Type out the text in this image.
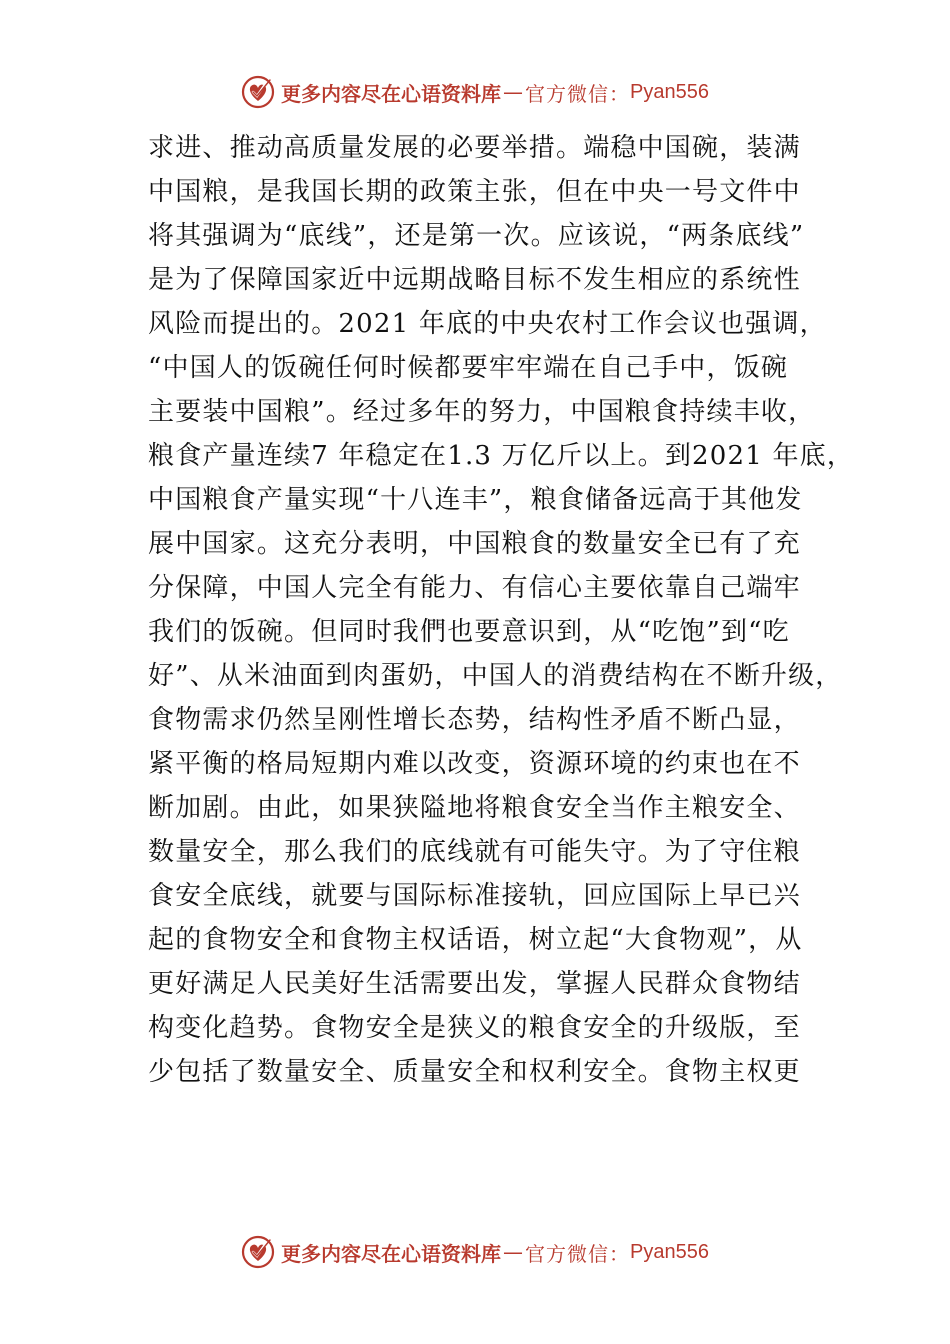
更多内容尽在心语资料库 — 官方微信： Pyan556
求进、推动高质量发展的必要举措。端稳中国碗，装满
中国粮，是我国长期的政策主张，但在中央一号文件中
将其强调为“底线”，还是第一次。应该说，“两条底线”
是为了保障国家近中远期战略目标不发生相应的系统性
风险而提出的。2021 年底的中央农村工作会议也强调，
“中国人的饭碗任何时候都要牢牢端在自己手中，饭碗
主要装中国粮”。经过多年的努力，中国粮食持续丰收，
粮食产量连续7 年稳定在1.3 万亿斤以上。到2021 年底，
中国粮食产量实现“十八连丰”，粮食储备远高于其他发
展中国家。这充分表明，中国粮食的数量安全已有了充
分保障，中国人完全有能力、有信心主要依靠自己端牢
我们的饭碗。但同时我們也要意识到，从“吃饱”到“吃
好”、从米油面到肉蛋奶，中国人的消费结构在不断升级，
食物需求仍然呈刚性增长态势，结构性矛盾不断凸显，
紧平衡的格局短期内难以改变，资源环境的约束也在不
断加剧。由此，如果狭隘地将粮食安全当作主粮安全、
数量安全，那么我们的底线就有可能失守。为了守住粮
食安全底线，就要与国际标准接轨，回应国际上早已兴
起的食物安全和食物主权话语，树立起“大食物观”，从
更好满足人民美好生活需要出发，掌握人民群众食物结
构变化趋势。食物安全是狭义的粮食安全的升级版，至
少包括了数量安全、质量安全和权利安全。食物主权更
更多内容尽在心语资料库 — 官方微信： Pyan556
